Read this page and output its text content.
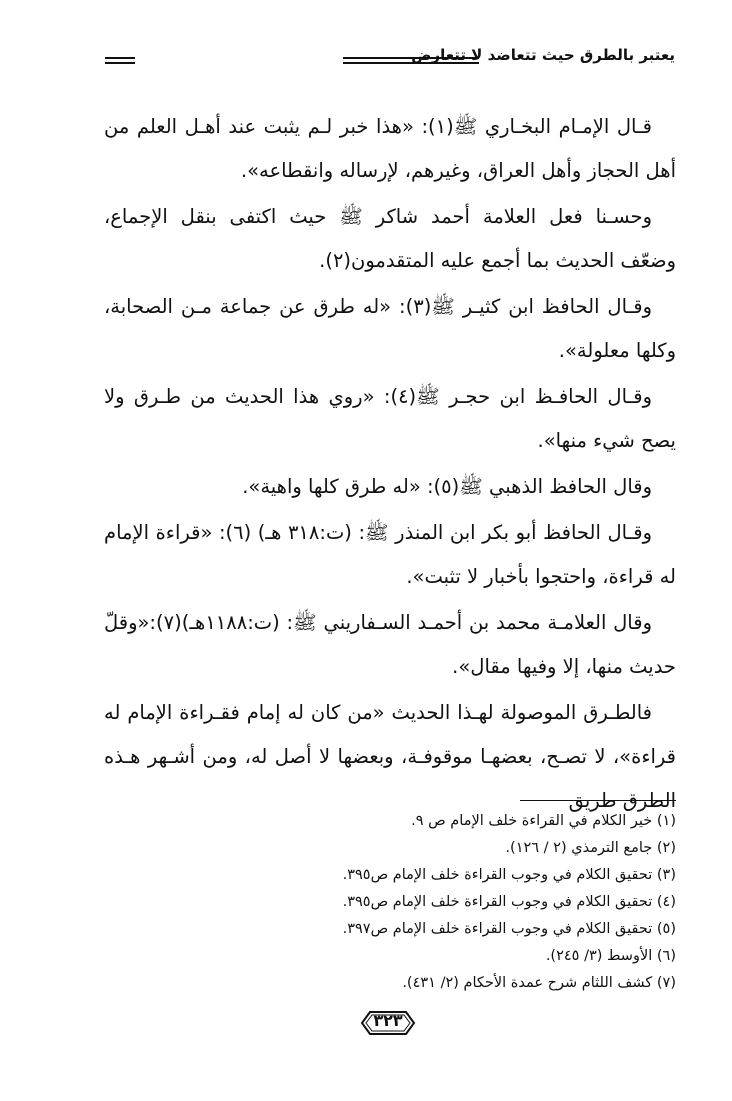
يعتبر بالطرق حيث تتعاضد لا تتعارض

قـال الإمـام البخـاري ﷺ(١): «هذا خبر لـم يثبت عند أهـل العلم من أهل الحجاز وأهل العراق، وغيرهم، لإرساله وانقطاعه».

وحسـنا فعل العلامة أحمد شاكر ﷺ حيث اكتفى بنقل الإجماع، وضعّف الحديث بما أجمع عليه المتقدمون(٢).

وقـال الحافظ ابن كثيـر ﷺ(٣): «له طرق عن جماعة مـن الصحابة، وكلها معلولة».

وقـال الحافـظ ابن حجـر ﷺ(٤): «روي هذا الحديث من طـرق ولا يصح شيء منها».

وقال الحافظ الذهبي ﷺ(٥): «له طرق كلها واهية».

وقـال الحافظ أبو بكر ابن المنذر ﷺ: (ت:٣١٨ هـ) (٦): «قراءة الإمام له قراءة، واحتجوا بأخبار لا تثبت».

وقال العلامـة محمد بن أحمـد السـفاريني ﷺ: (ت:١١٨٨هـ)(٧):«وقلّ حديث منها، إلا وفيها مقال».

فالطـرق الموصولة لهـذا الحديث «من كان له إمام فقـراءة الإمام له قراءة»، لا تصـح، بعضهـا موقوفـة، وبعضها لا أصل له، ومن أشـهر هـذه الطرق طريق

(١) خير الكلام في القراءة خلف الإمام ص ٩.
(٢) جامع الترمذي (٢ / ١٢٦).
(٣) تحقيق الكلام في وجوب القراءة خلف الإمام ص٣٩٥.
(٤) تحقيق الكلام في وجوب القراءة خلف الإمام ص٣٩٥.
(٥) تحقيق الكلام في وجوب القراءة خلف الإمام ص٣٩٧.
(٦) الأوسط (٣/ ٢٤٥).
(٧) كشف اللثام شرح عمدة الأحكام (٢/ ٤٣١).
٣٢٣
